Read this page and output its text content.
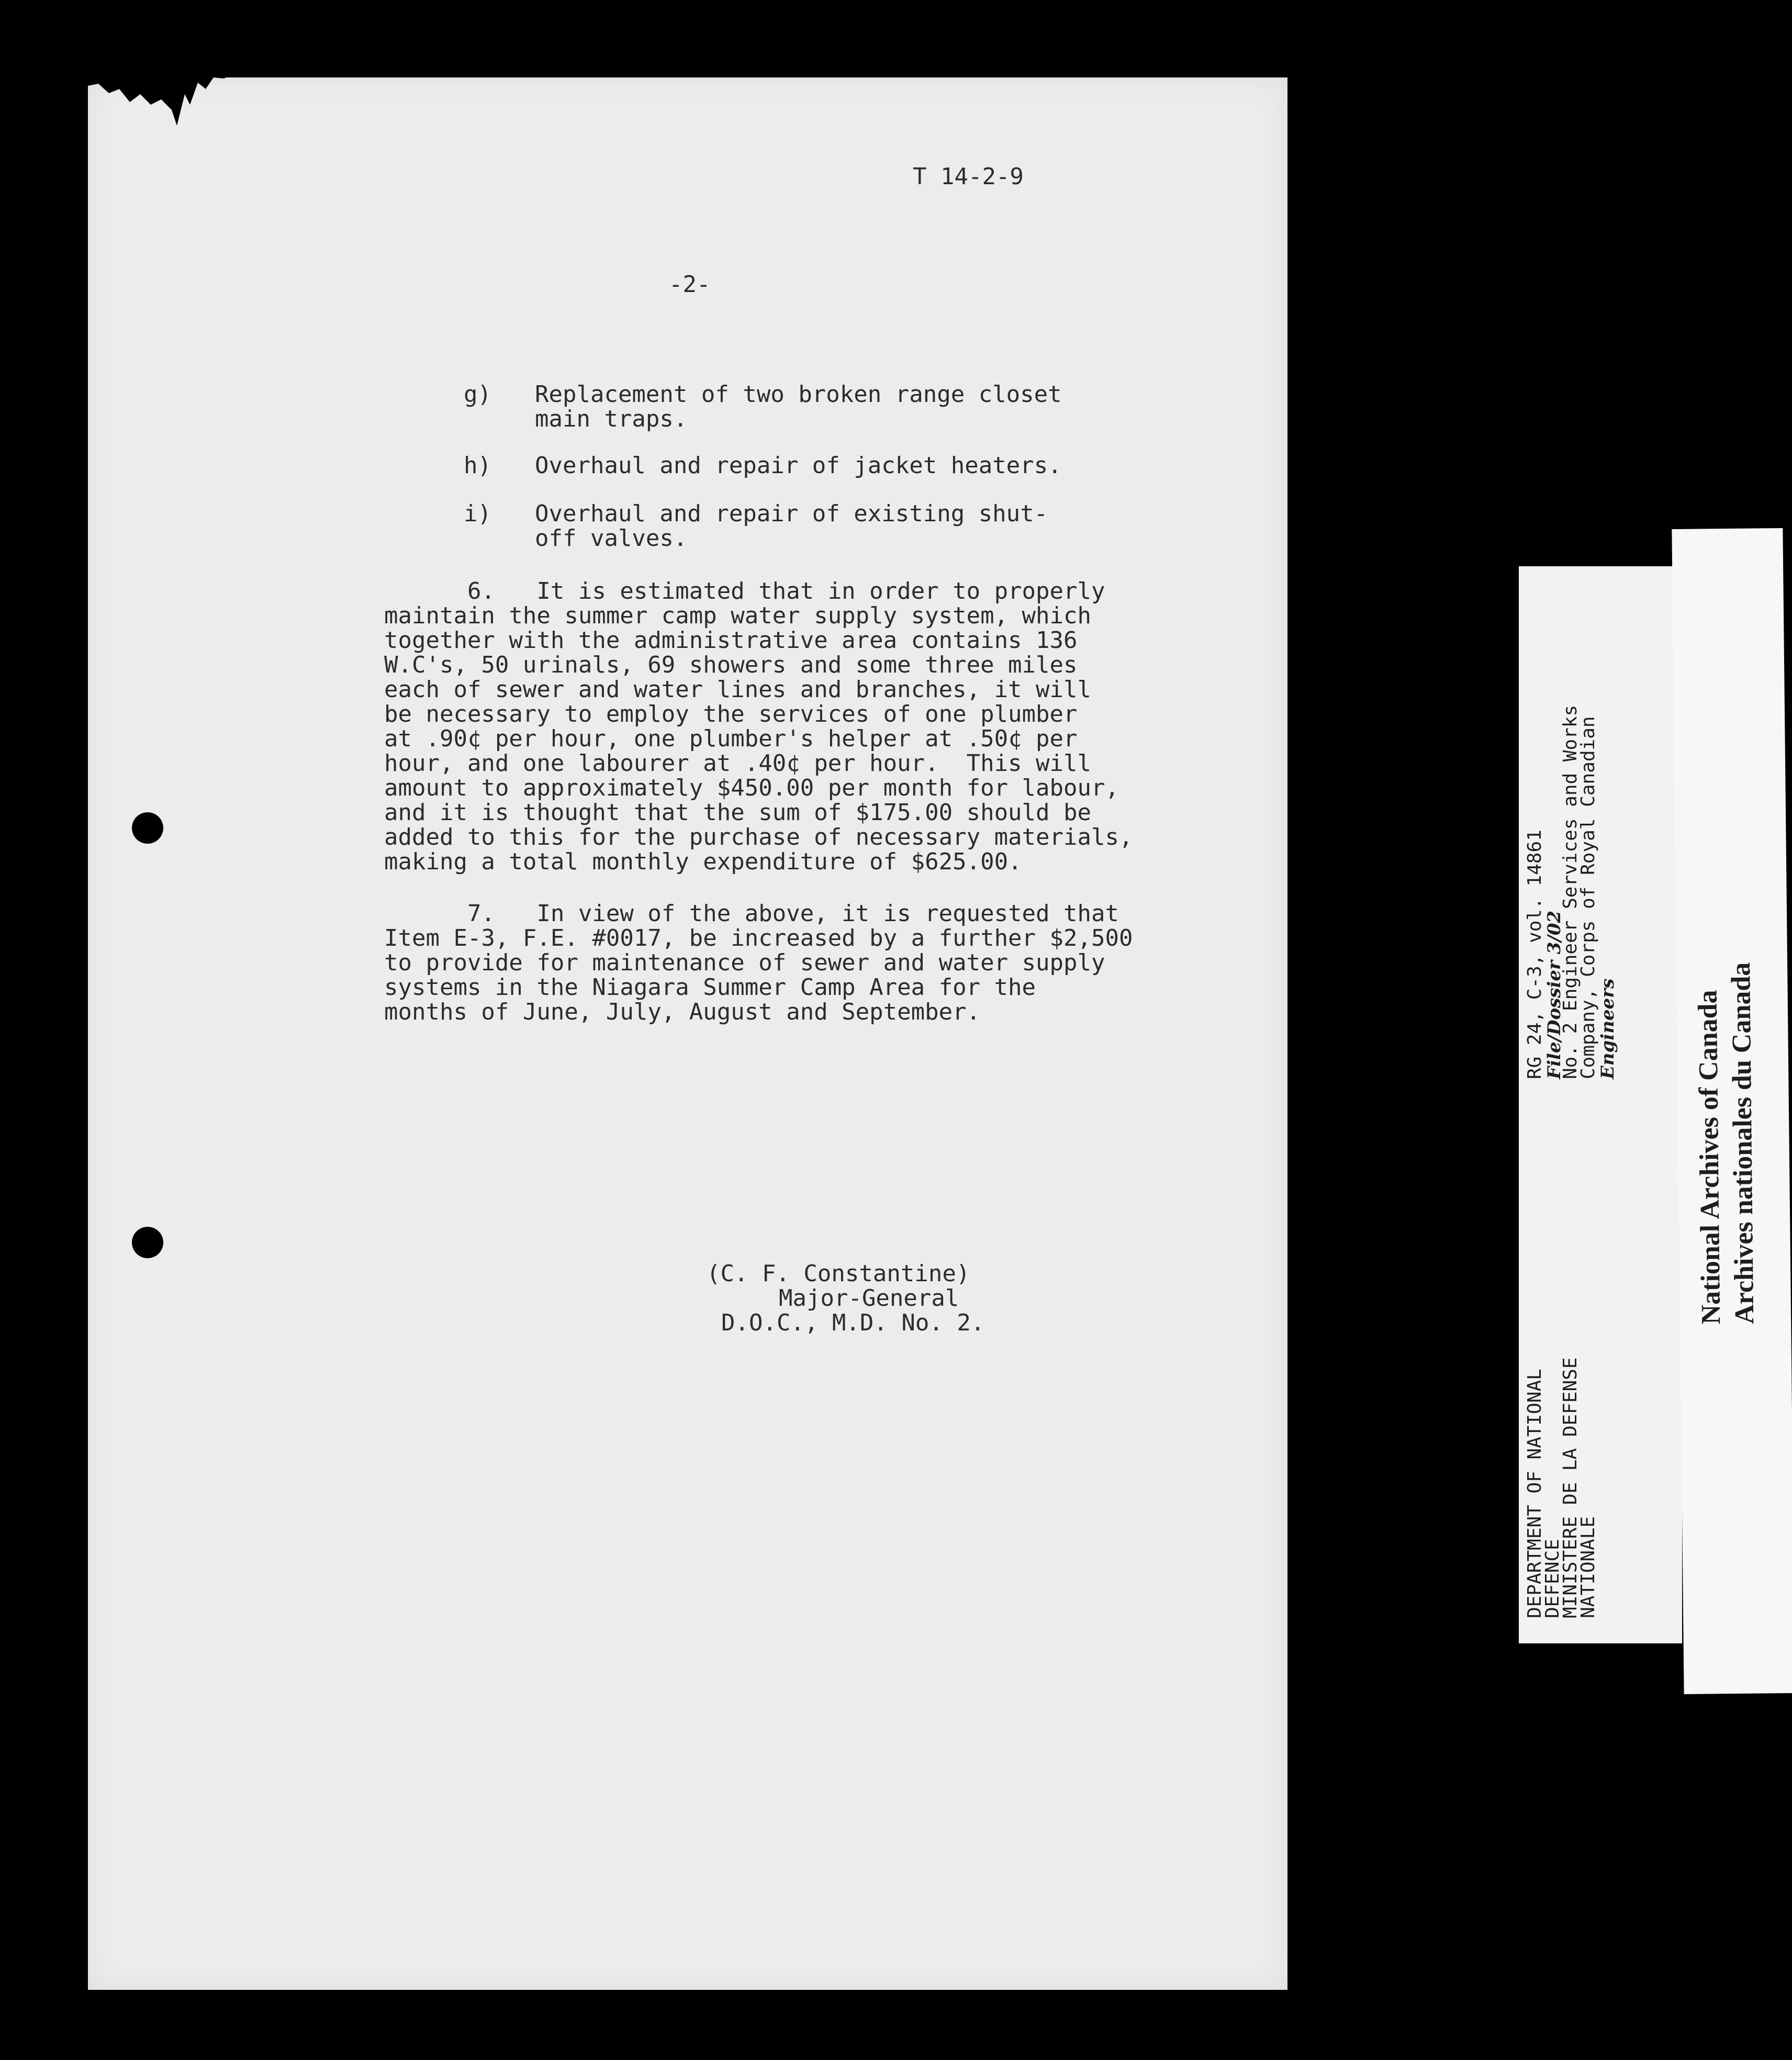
T 14-2-9
-2-
g) Replacement of two broken range closet
main traps.
h) Overhaul and repair of jacket heaters.
i) Overhaul and repair of existing shut-
off valves.
6.   It is estimated that in order to properly
maintain the summer camp water supply system, which
together with the administrative area contains 136
W.C's, 50 urinals, 69 showers and some three miles
each of sewer and water lines and branches, it will
be necessary to employ the services of one plumber
at .90¢ per hour, one plumber's helper at .50¢ per
hour, and one labourer at .40¢ per hour.  This will
amount to approximately $450.00 per month for labour,
and it is thought that the sum of $175.00 should be
added to this for the purchase of necessary materials,
making a total monthly expenditure of $625.00.
7.   In view of the above, it is requested that
Item E-3, F.E. #0017, be increased by a further $2,500
to provide for maintenance of sewer and water supply
systems in the Niagara Summer Camp Area for the
months of June, July, August and September.
(C. F. Constantine)
Major-General
D.O.C., M.D. No. 2.
DEPARTMENT OF NATIONAL
DEFENCE
MINISTERE DE LA DEFENSE
NATIONALE
RG 24, C-3, vol. 14861
File/Dossier 3/02
No. 2 Engineer Services and Works
Company, Corps of Royal Canadian
Engineers	National Archives of Canada Archives nationales du Canada
